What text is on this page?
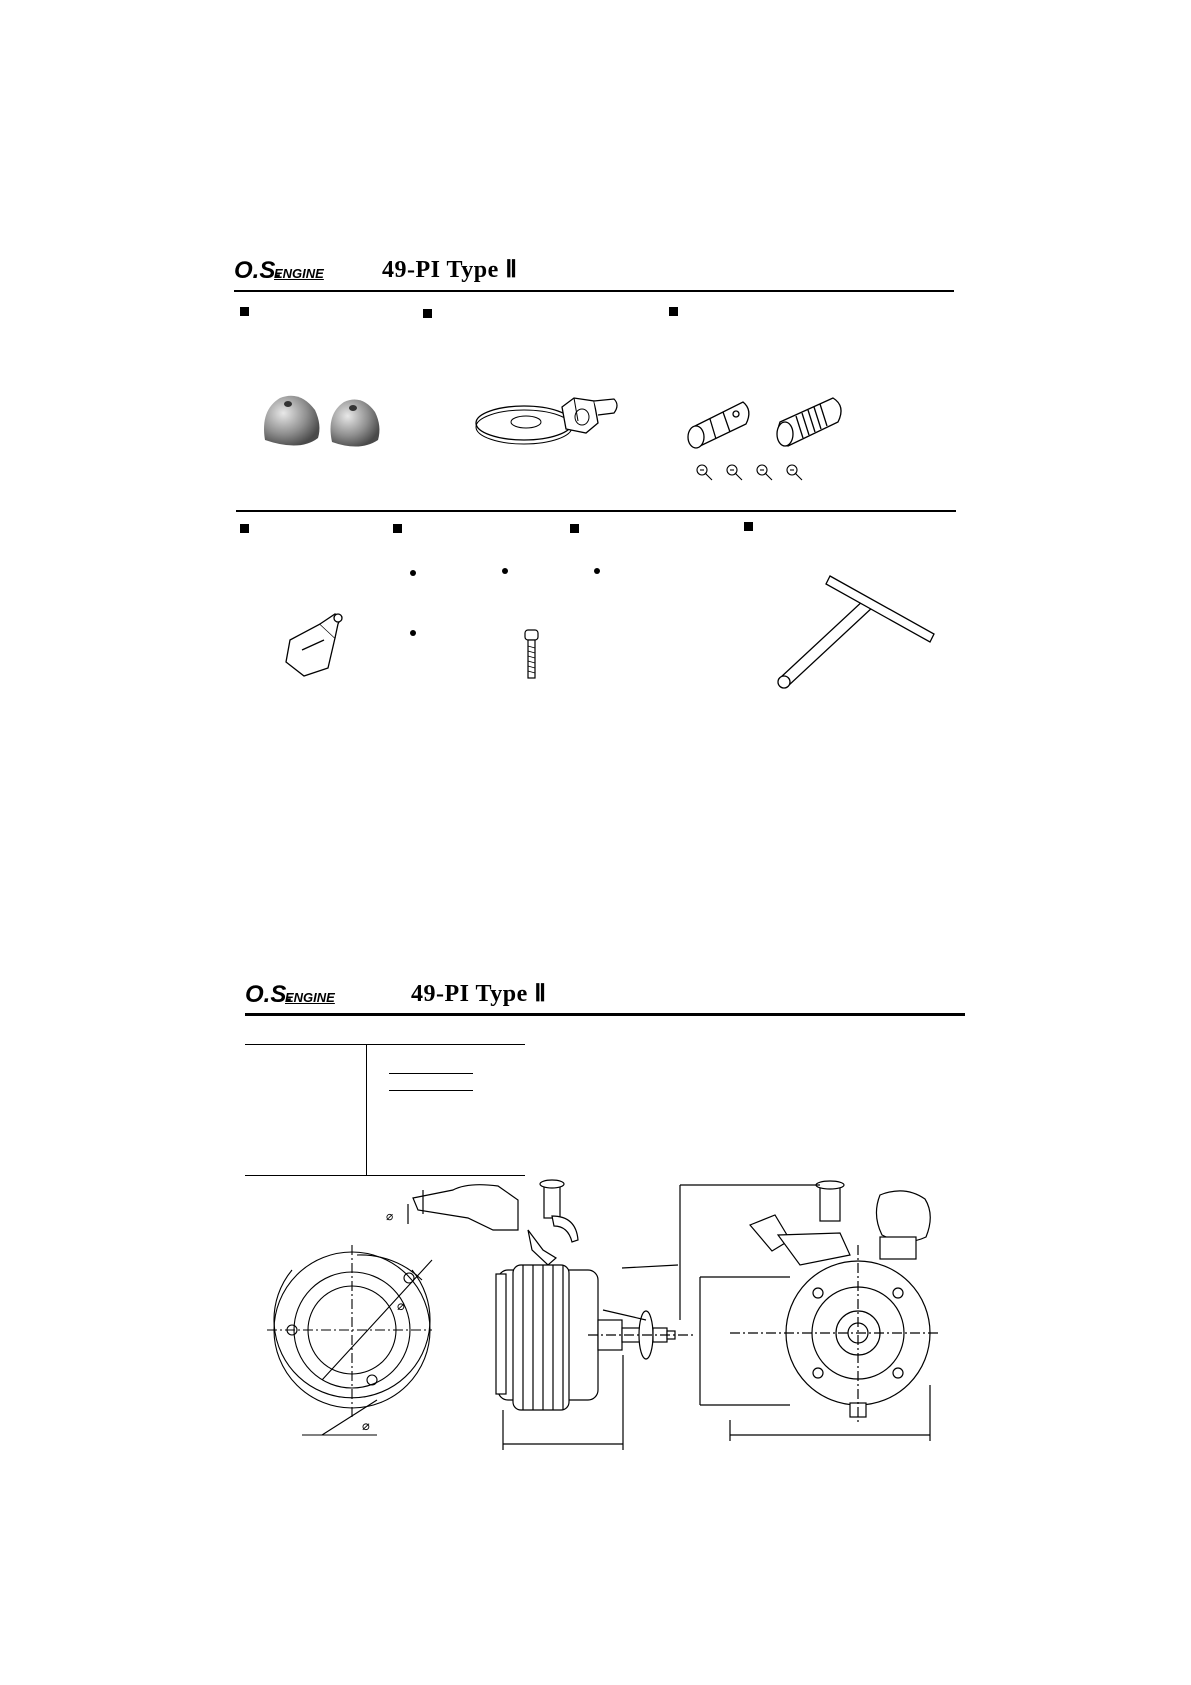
O.S.
ENGINE 49-PI Type Ⅱ
O.S.
ENGINE	49-PI Type Ⅱ
⌀
⌀
⌀
